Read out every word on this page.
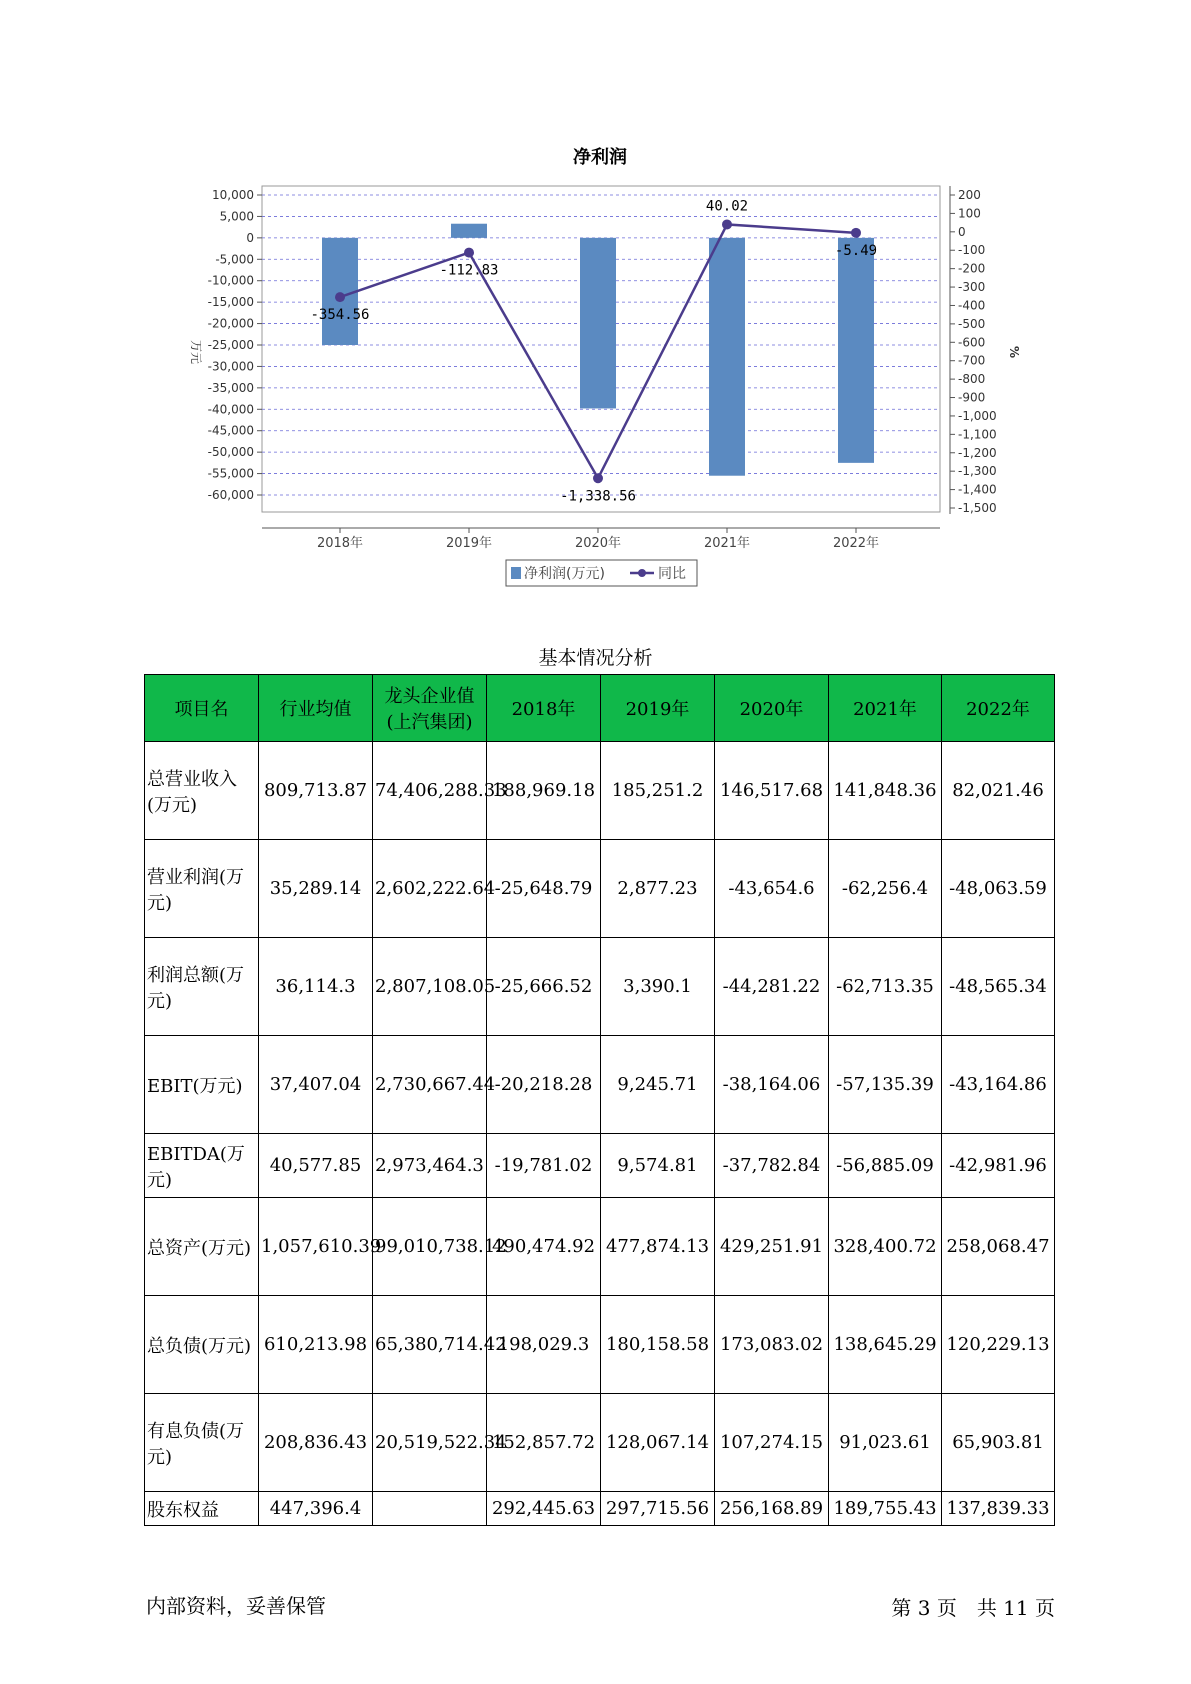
净利润
10,000
5,000
0
-5,000
-10,000
-15,000
-20,000
-25,000
-30,000
-35,000
-40,000
-45,000
-50,000
-55,000
-60,000
万元
200
100
0
-100
-200
-300
-400
-500
-600
-700
-800
-900
-1,000
-1,100
-1,200
-1,300
-1,400
-1,500
%
2018年	2019年	2020年	2021年	2022年
-354.56
-112.83
-1,338.56
40.02
-5.49
净利润(万元)	同比
基本情况分析
项目名	行业均值	龙头企业值(上汽集团)	2018年	2019年	2020年	2021年	2022年
总营业收入(万元)	809,713.87	74,406,288.33	188,969.18	185,251.2	146,517.68	141,848.36	82,021.46
营业利润(万元)	35,289.14	2,602,222.64	-25,648.79	2,877.23	-43,654.6	-62,256.4	-48,063.59
利润总额(万元)	36,114.3	2,807,108.05	-25,666.52	3,390.1	-44,281.22	-62,713.35	-48,565.34
EBIT(万元)	37,407.04	2,730,667.44	-20,218.28	9,245.71	-38,164.06	-57,135.39	-43,164.86
EBITDA(万元)	40,577.85	2,973,464.3	-19,781.02	9,574.81	-37,782.84	-56,885.09	-42,981.96
总资产(万元)	1,057,610.39	99,010,738.12	490,474.92	477,874.13	429,251.91	328,400.72	258,068.47
总负债(万元)	610,213.98	65,380,714.42	198,029.3	180,158.58	173,083.02	138,645.29	120,229.13
有息负债(万元)	208,836.43	20,519,522.34	152,857.72	128,067.14	107,274.15	91,023.61	65,903.81
股东权益	447,396.4		292,445.63	297,715.56	256,168.89	189,755.43	137,839.33
内部资料，妥善保管	第 3 页　共 11 页
